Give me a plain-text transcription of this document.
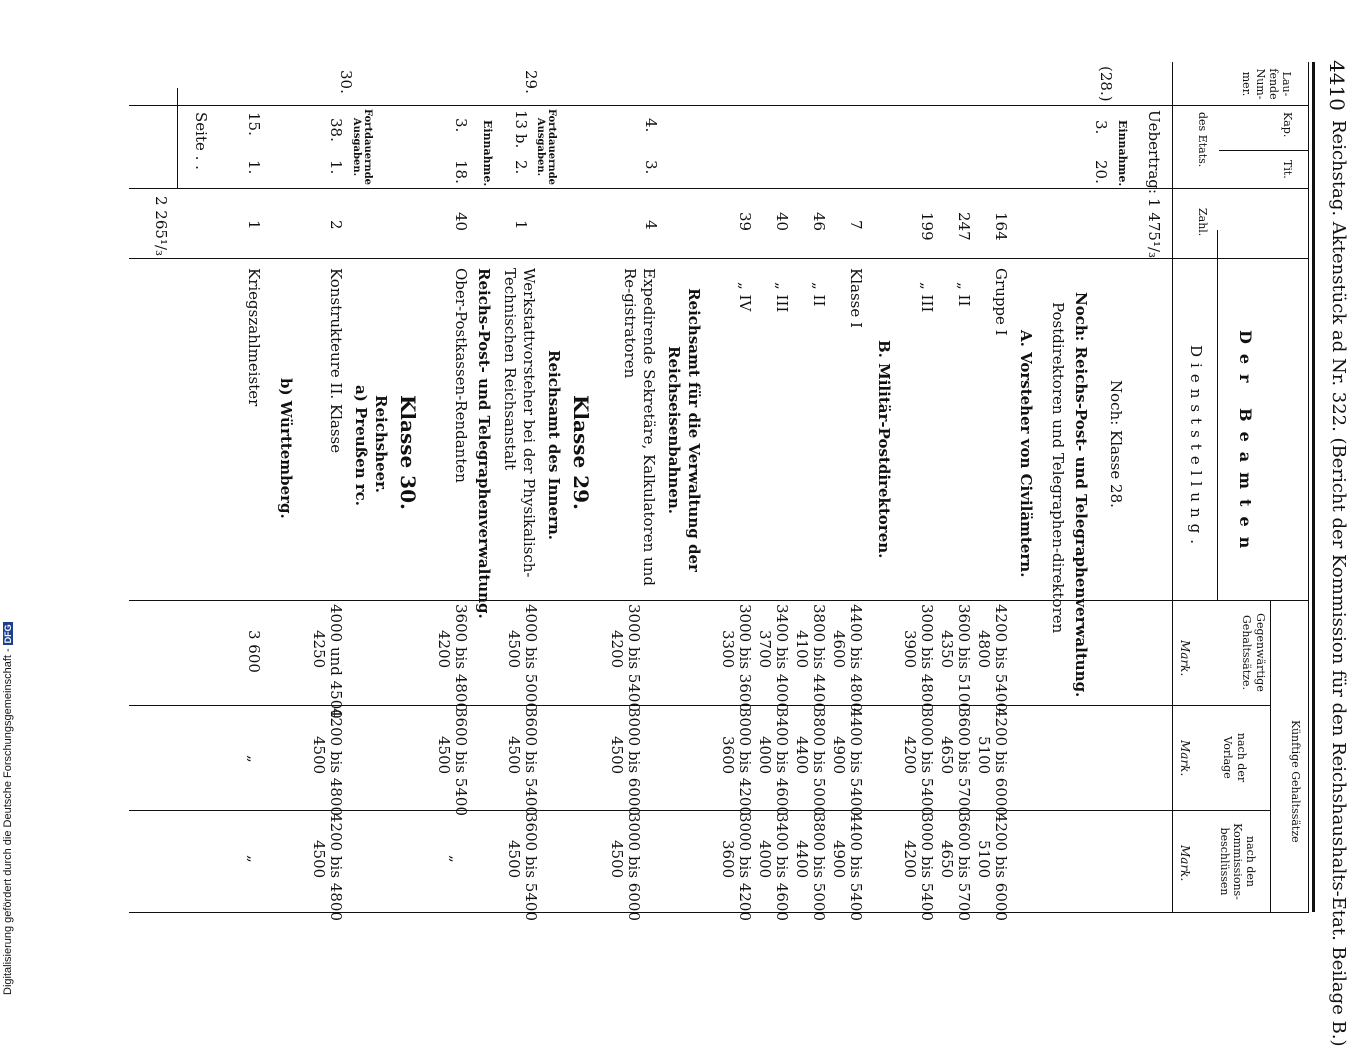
4410
Reichstag. Aktenstück ad Nr. 322. (Bericht der Kommission für den Reichshaushalts-Etat. Beilage B.)
Lau-fende Num-mer.
Kap.
Tit.
des Etats.
Zahl.
Der Beamten
Dienststellung.
Gegenwärtige Gehaltssätze.
Künftige Gehaltssätze
nach der Vorlage
nach den Kommissions-beschlüssen
Mark.
Mark.
Mark.
Uebertrag:
1 475¹/₃
Noch: Klasse 28.
(28.)
Einnahme.
3.
20.
Noch: Reichs-Post- und Telegraphenverwaltung.
Postdirektoren und Telegraphen-direktoren
A. Vorsteher von Civilämtern.
164
Gruppe I
4200 bis 5400
4800
4200 bis 6000
5100
4200 bis 6000
5100
247
„ II
3600 bis 5100
4350
3600 bis 5700
4650
3600 bis 5700
4650
199
„ III
3000 bis 4800
3900
3000 bis 5400
4200
3000 bis 5400
4200
B. Militär-Postdirektoren.
7
Klasse I
4400 bis 4800
4600
4400 bis 5400
4900
4400 bis 5400
4900
46
„ II
3800 bis 4400
4100
3800 bis 5000
4400
3800 bis 5000
4400
40
„ III
3400 bis 4000
3700
3400 bis 4600
4000
3400 bis 4600
4000
39
„ IV
3000 bis 3600
3300
3000 bis 4200
3600
3000 bis 4200
3600
Reichsamt für die Verwaltung der Reichseisenbahnen.
4.
3.
4
Expedirende Sekretäre, Kalkulatoren und Re-gistratoren
3000 bis 5400
4200
3000 bis 6000
4500
3000 bis 6000
4500
Klasse 29.
Reichsamt des Innern.
29.
Fortdauernde Ausgaben.
13 b.
2.
1
Werkstattvorsteher bei der Physikalisch-Technischen Reichsanstalt
4000 bis 5000
4500
3600 bis 5400
4500
3600 bis 5400
4500
Reichs-Post- und Telegraphenverwaltung.
Einnahme.
3.
18.
40
Ober-Postkassen-Rendanten
3600 bis 4800
4200
3600 bis 5400
4500
„
Klasse 30.
Reichsheer.
a) Preußen rc.
30.
Fortdauernde Ausgaben.
38.
1.
2
Konstrukteure II. Klasse
4000 und 4500
4250
4200 bis 4800
4500
4200 bis 4800
4500
b) Württemberg.
15.
1.
1
Kriegszahlmeister
3 600
„
„
Seite . .
2 265¹/₃
Digitalisierung gefördert durch die Deutsche Forschungsgemeinschaft -DFG
